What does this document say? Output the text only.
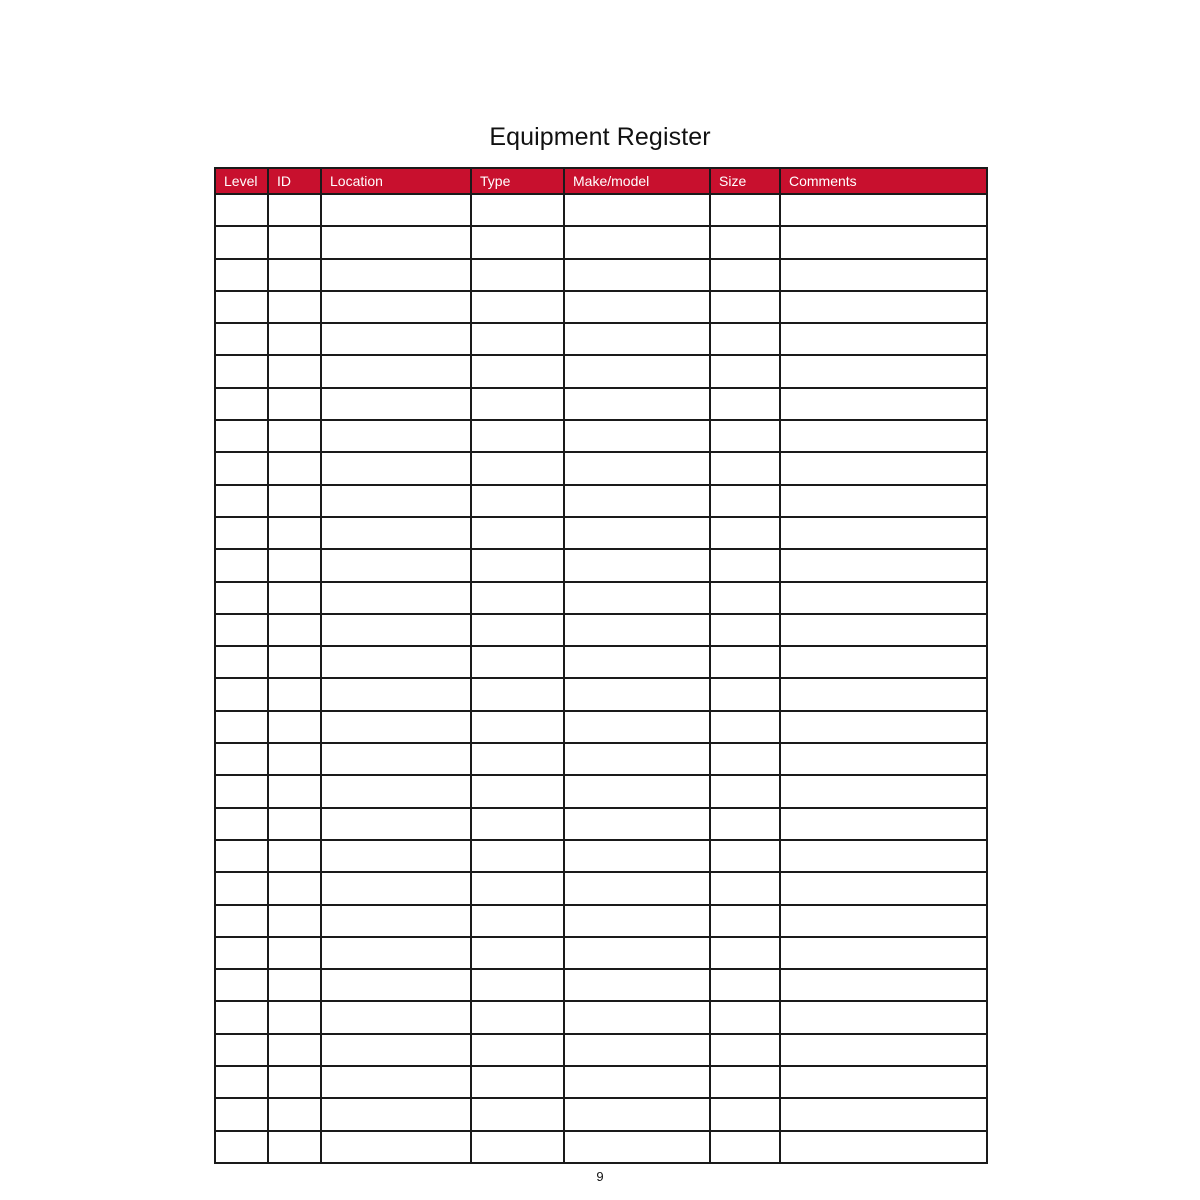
Equipment Register
Level	ID	Location	Type	Make/model	Size	Comments

9
